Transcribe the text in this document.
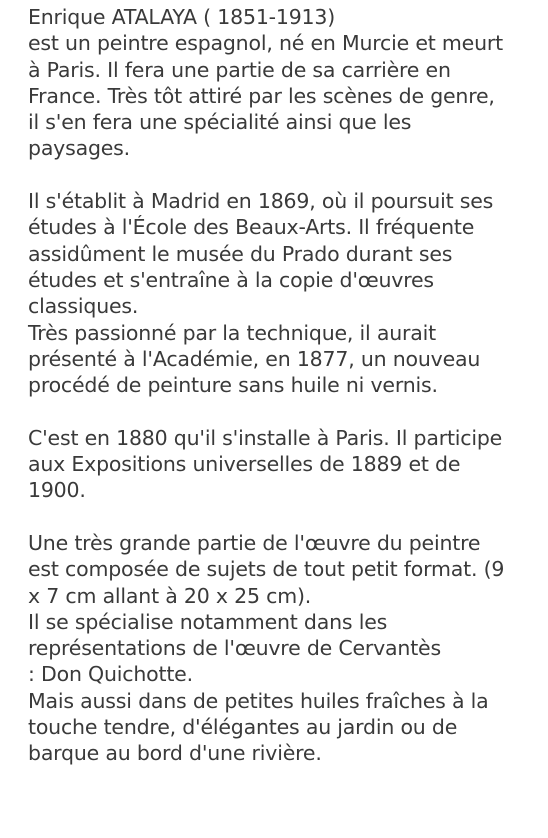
Enrique ATALAYA ( 1851-1913)
est un peintre espagnol, né en Murcie et meurt
à Paris. Il fera une partie de sa carrière en
France. Très tôt attiré par les scènes de genre,
il s'en fera une spécialité ainsi que les
paysages.
Il s'établit à Madrid en 1869, où il poursuit ses
études à l'École des Beaux-Arts. Il fréquente
assidûment le musée du Prado durant ses
études et s'entraîne à la copie d'œuvres
classiques.
Très passionné par la technique, il aurait
présenté à l'Académie, en 1877, un nouveau
procédé de peinture sans huile ni vernis.
C'est en 1880 qu'il s'installe à Paris. Il participe
aux Expositions universelles de 1889 et de
1900.
Une très grande partie de l'œuvre du peintre
est composée de sujets de tout petit format. (9
x 7 cm allant à 20 x 25 cm).
Il se spécialise notamment dans les
représentations de l'œuvre de Cervantès
: Don Quichotte.
Mais aussi dans de petites huiles fraîches à la
touche tendre, d'élégantes au jardin ou de
barque au bord d'une rivière.
